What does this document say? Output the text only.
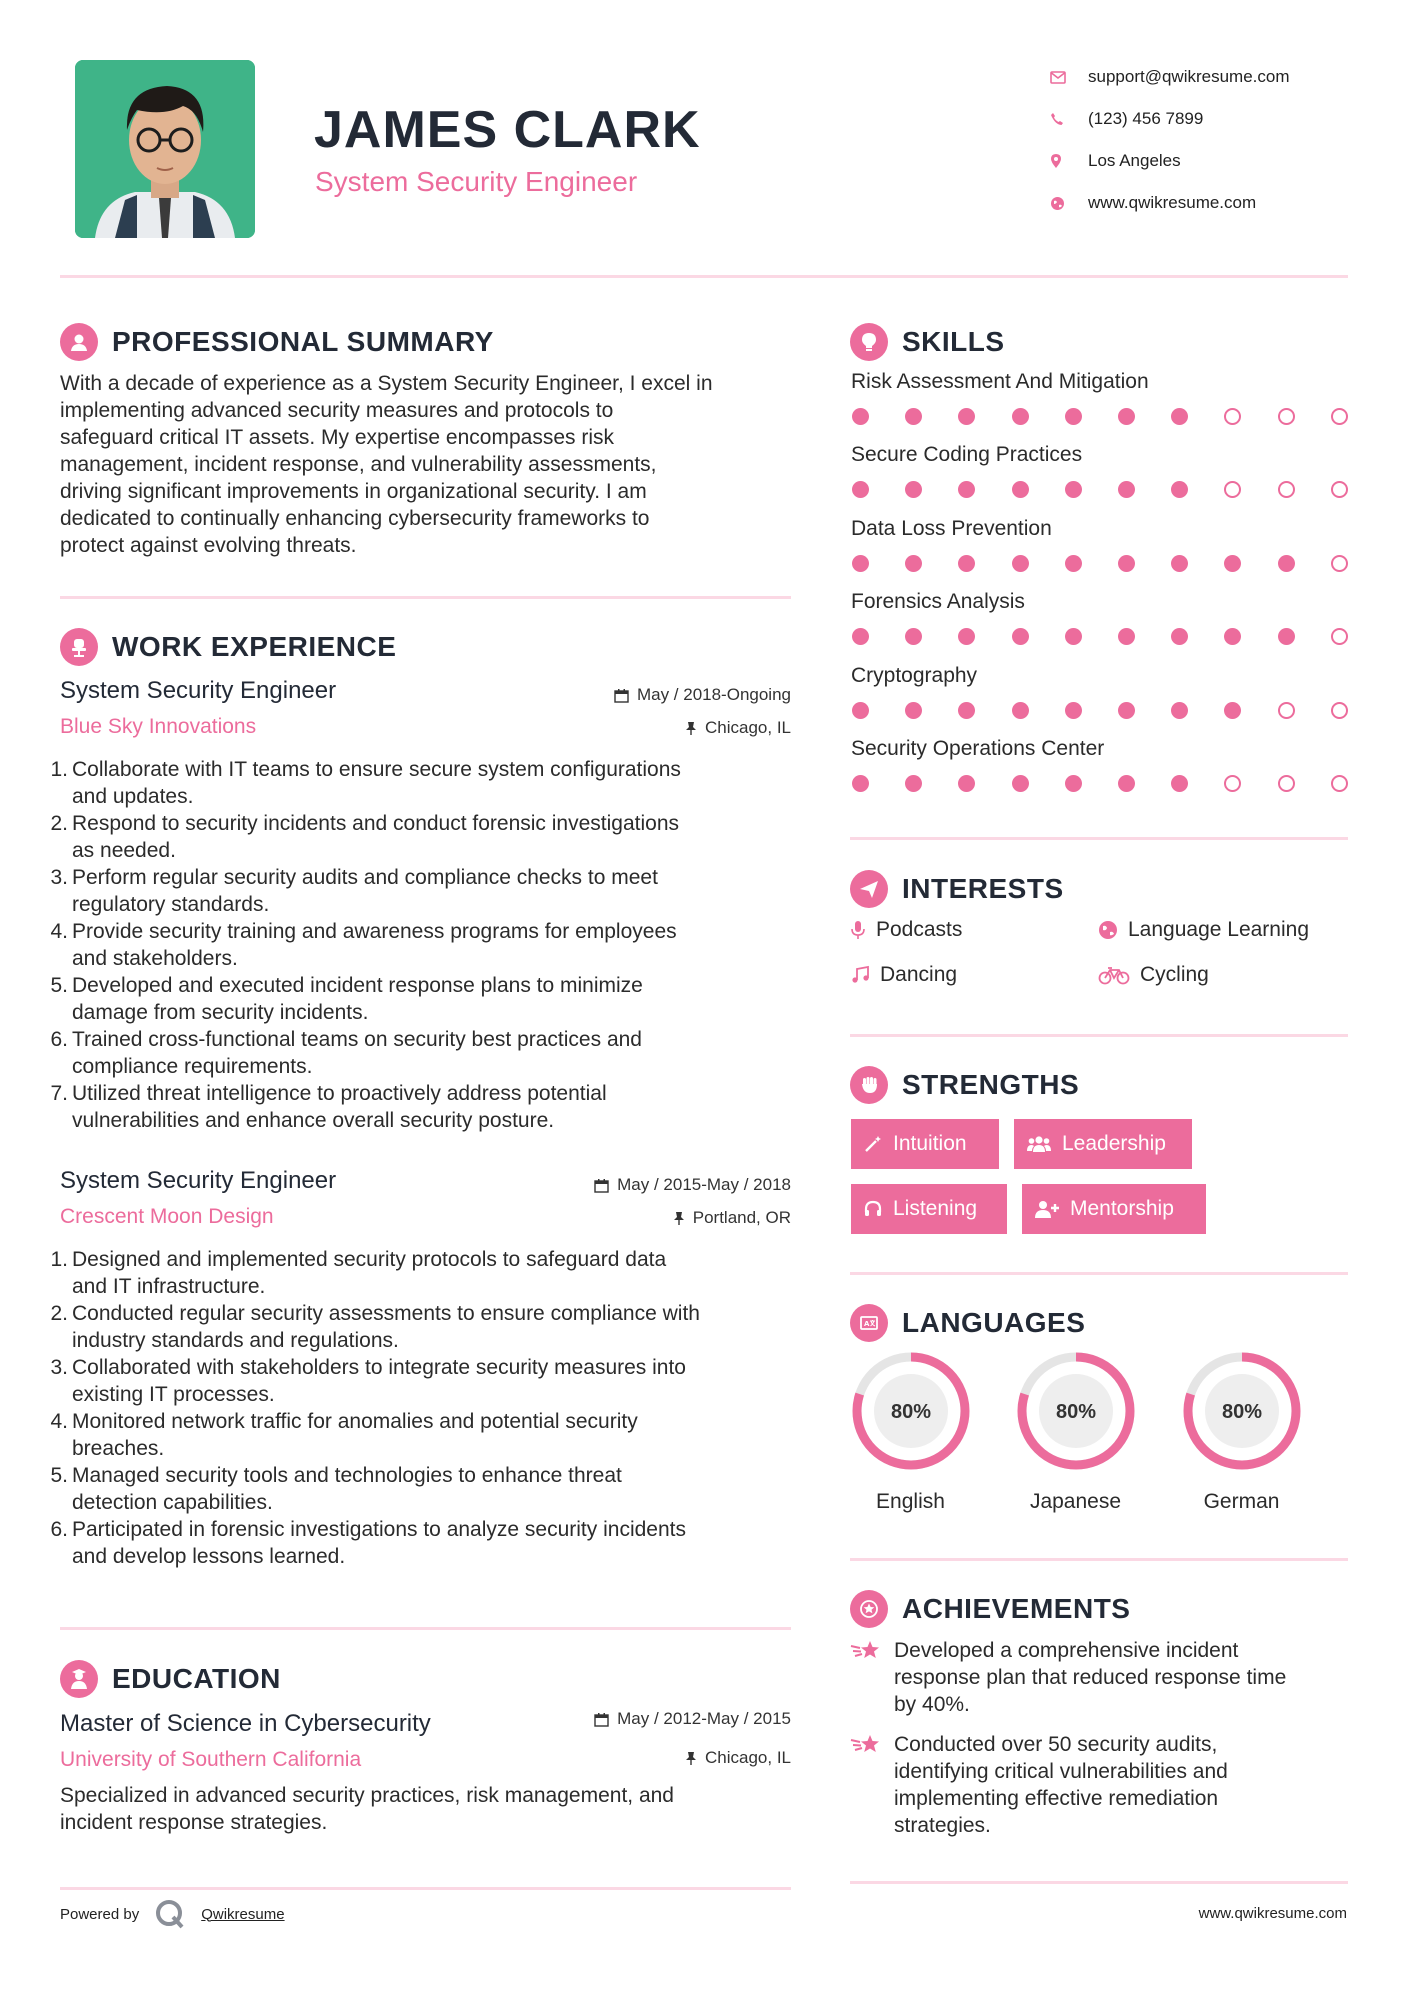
JAMES CLARK
System Security Engineer
support@qwikresume.com
(123) 456 7899
Los Angeles
www.qwikresume.com
PROFESSIONAL SUMMARY
With a decade of experience as a System Security Engineer, I excel in
implementing advanced security measures and protocols to
safeguard critical IT assets. My expertise encompasses risk
management, incident response, and vulnerability assessments,
driving significant improvements in organizational security. I am
dedicated to continually enhancing cybersecurity frameworks to
protect against evolving threats.
WORK EXPERIENCE
System Security Engineer
Blue Sky Innovations
May / 2018-Ongoing
Chicago, IL
1. Collaborate with IT teams to ensure secure system configurations
and updates.
2. Respond to security incidents and conduct forensic investigations
as needed.
3. Perform regular security audits and compliance checks to meet
regulatory standards.
4. Provide security training and awareness programs for employees
and stakeholders.
5. Developed and executed incident response plans to minimize
damage from security incidents.
6. Trained cross-functional teams on security best practices and
compliance requirements.
7. Utilized threat intelligence to proactively address potential
vulnerabilities and enhance overall security posture.
System Security Engineer
Crescent Moon Design
May / 2015-May / 2018
Portland, OR
1. Designed and implemented security protocols to safeguard data
and IT infrastructure.
2. Conducted regular security assessments to ensure compliance with
industry standards and regulations.
3. Collaborated with stakeholders to integrate security measures into
existing IT processes.
4. Monitored network traffic for anomalies and potential security
breaches.
5. Managed security tools and technologies to enhance threat
detection capabilities.
6. Participated in forensic investigations to analyze security incidents
and develop lessons learned.
EDUCATION
Master of Science in Cybersecurity
University of Southern California
May / 2012-May / 2015
Chicago, IL
Specialized in advanced security practices, risk management, and
incident response strategies.
SKILLS
Risk Assessment And Mitigation
Secure Coding Practices
Data Loss Prevention
Forensics Analysis
Cryptography
Security Operations Center
INTERESTS
Podcasts	Language Learning
Dancing	Cycling
STRENGTHS
Intuition	Leadership
Listening	Mentorship
A LANGUAGES
80%
English
80%
Japanese
80%
German
ACHIEVEMENTS
Developed a comprehensive incident
response plan that reduced response time
by 40%.
Conducted over 50 security audits,
identifying critical vulnerabilities and
implementing effective remediation
strategies.
Powered by	Qwikresume	www.qwikresume.com
